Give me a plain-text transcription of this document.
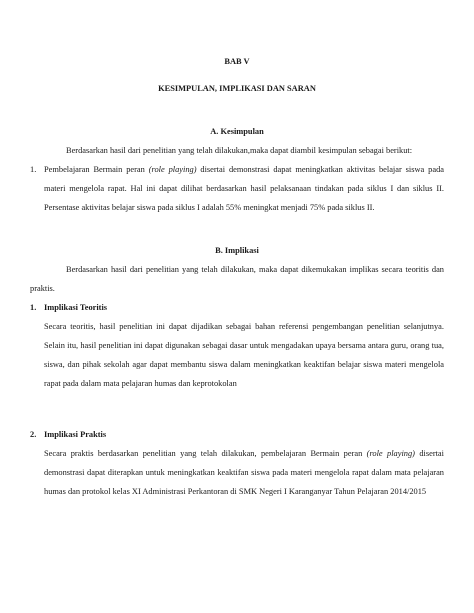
BAB V
KESIMPULAN, IMPLIKASI DAN SARAN
A. Kesimpulan
Berdasarkan hasil dari penelitian yang telah dilakukan,maka dapat diambil kesimpulan sebagai berikut:
1. Pembelajaran Bermain peran (role playing) disertai demonstrasi dapat meningkatkan aktivitas belajar siswa pada materi mengelola rapat. Hal ini dapat dilihat berdasarkan hasil pelaksanaan tindakan pada siklus I dan siklus II. Persentase aktivitas belajar siswa pada siklus I adalah 55% meningkat menjadi 75% pada siklus II.
B. Implikasi
Berdasarkan hasil dari penelitian yang telah dilakukan, maka dapat dikemukakan implikas secara teoritis dan praktis.
1. Implikasi Teoritis
Secara teoritis, hasil penelitian ini dapat dijadikan sebagai bahan referensi pengembangan penelitian selanjutnya. Selain itu, hasil penelitian ini dapat digunakan sebagai dasar untuk mengadakan upaya bersama antara guru, orang tua, siswa, dan pihak sekolah agar dapat membantu siswa dalam meningkatkan keaktifan belajar siswa materi mengelola rapat pada dalam mata pelajaran humas dan keprotokolan
2. Implikasi Praktis
Secara praktis berdasarkan penelitian yang telah dilakukan, pembelajaran Bermain peran (role playing) disertai demonstrasi dapat diterapkan untuk meningkatkan keaktifan siswa pada materi mengelola rapat dalam mata pelajaran humas dan protokol kelas XI Administrasi Perkantoran di SMK Negeri I Karanganyar Tahun Pelajaran 2014/2015
